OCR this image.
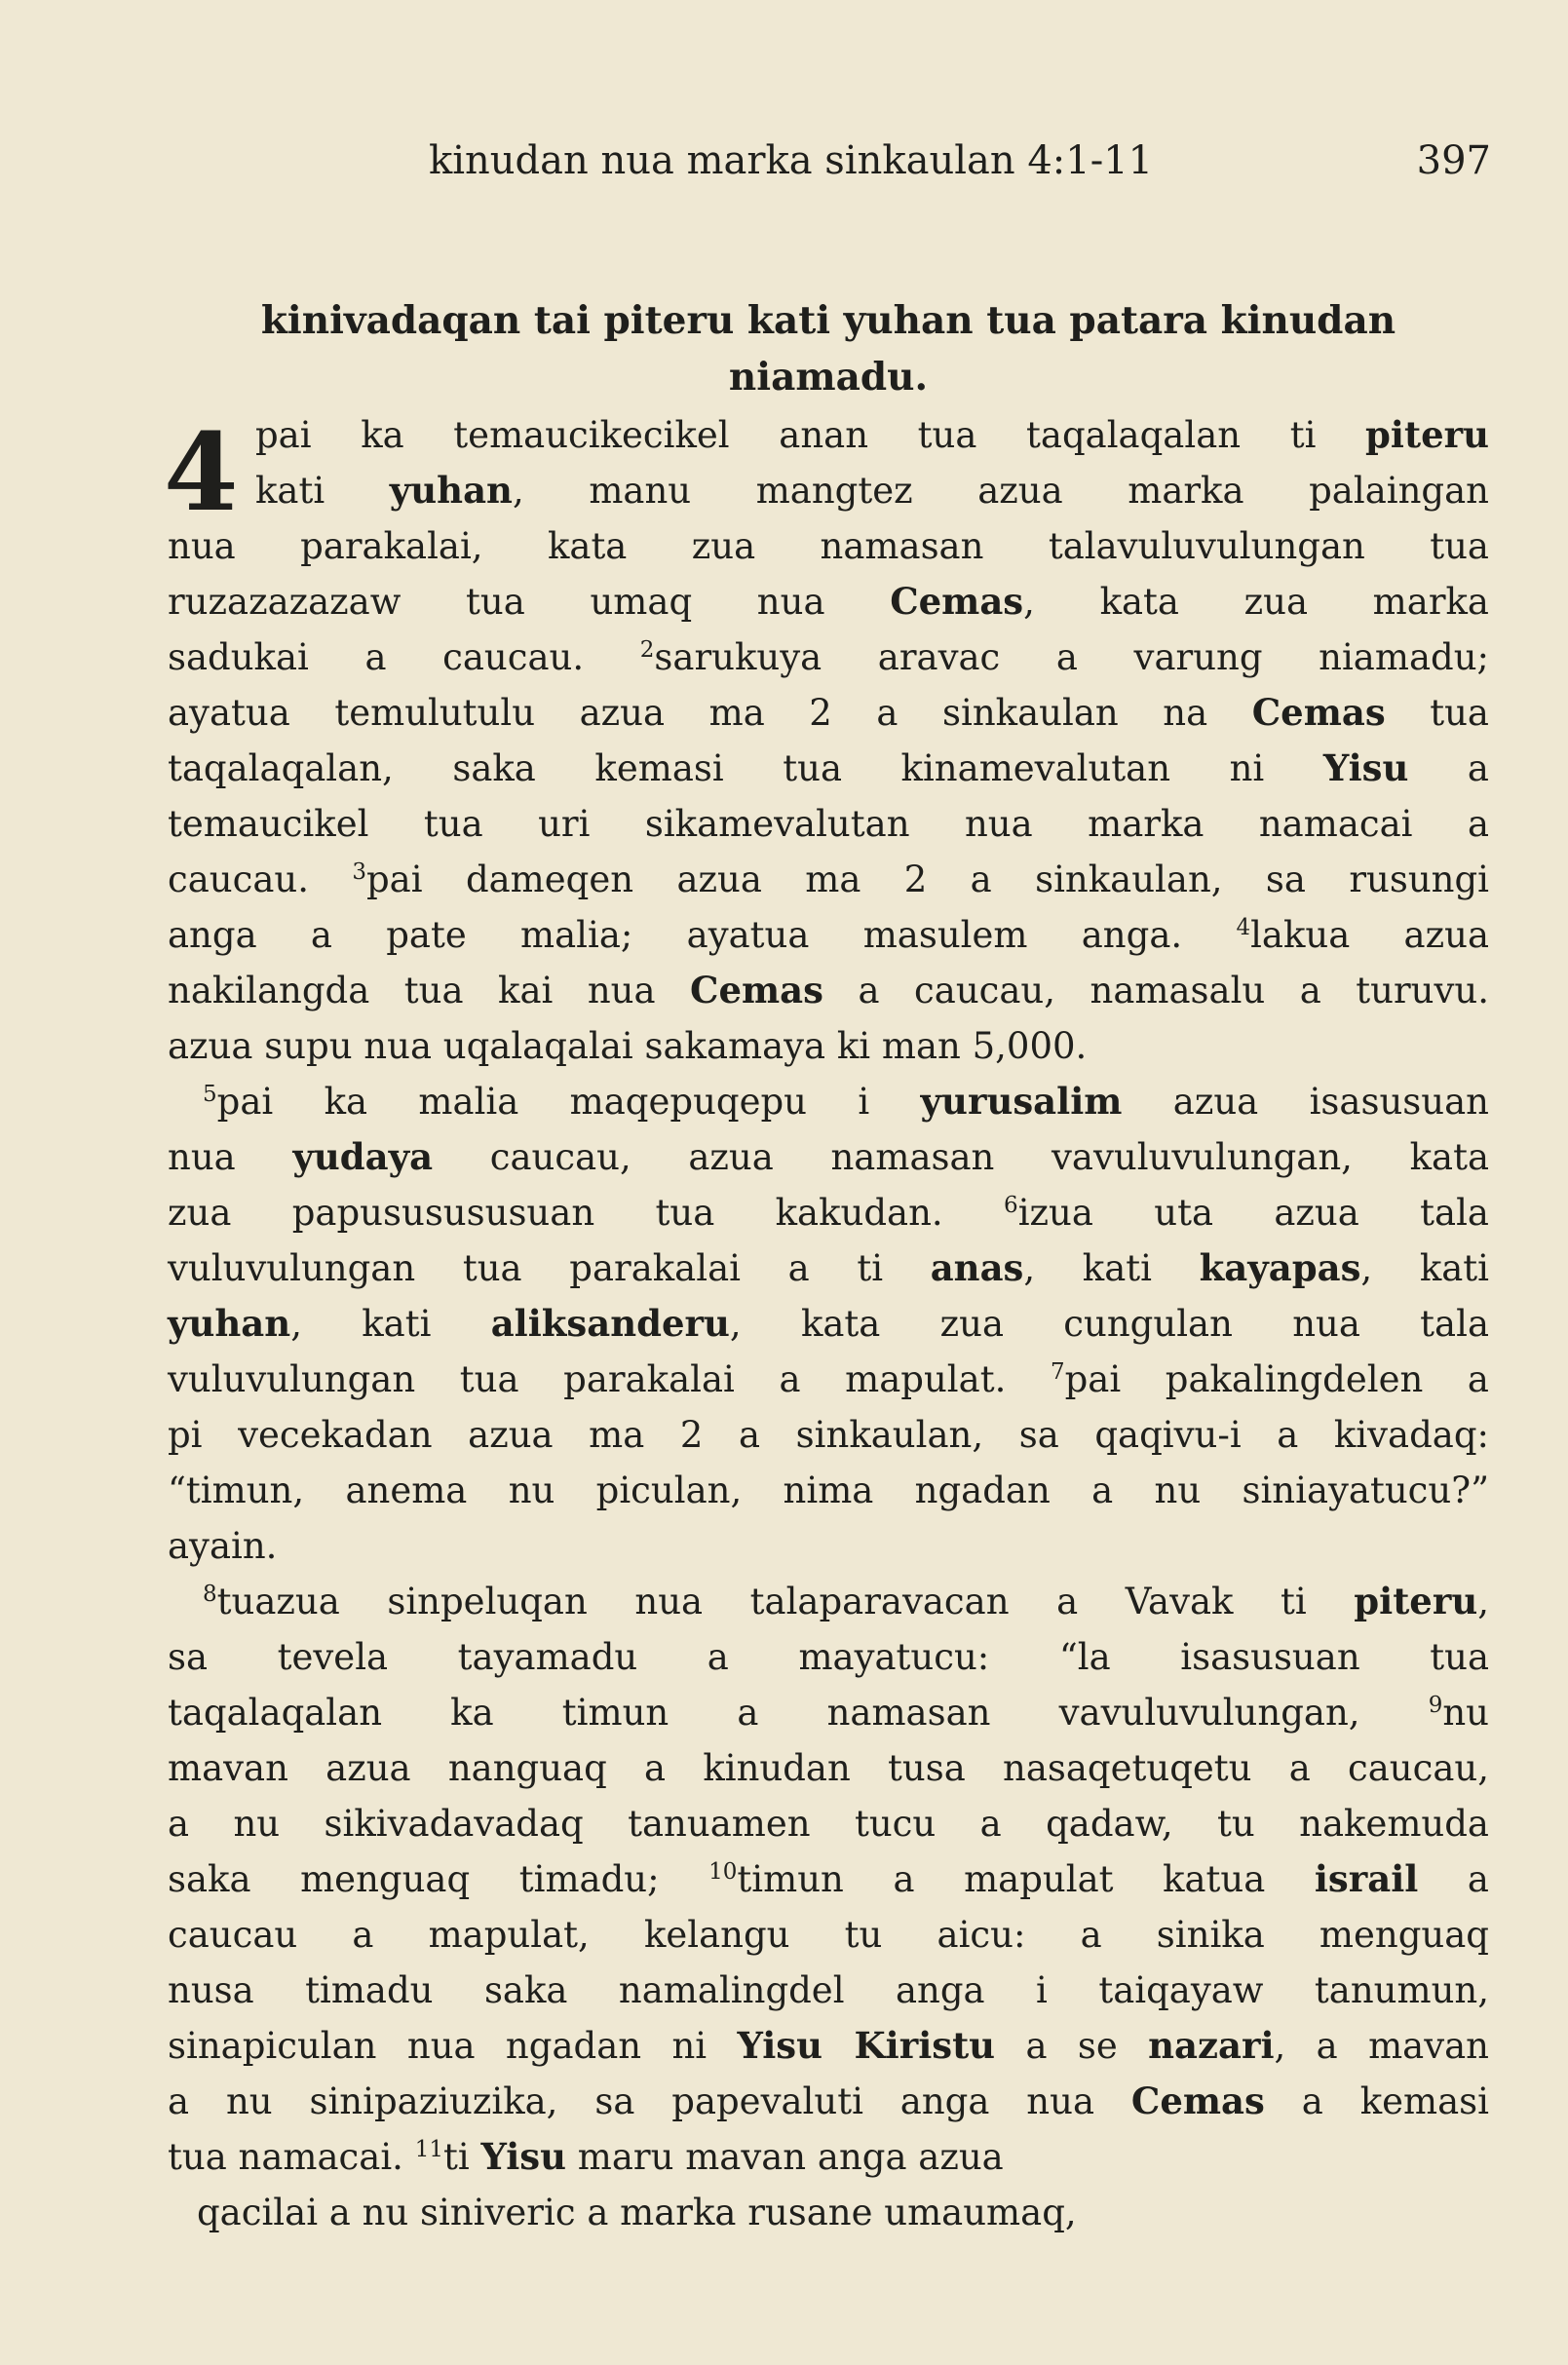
kinudan nua marka sinkaulan 4:1-11	397
kinivadaqan tai piteru kati yuhan tua patara kinudan
niamadu.
4 pai ka temaucikecikel anan tua taqalaqalan ti piteru
kati yuhan, manu mangtez azua marka palaingan
nua parakalai, kata zua namasan talavuluvulungan tua
ruzazazazaw tua umaq nua Cemas, kata zua marka
sadukai a caucau. $^2$sarukuya aravac a varung niamadu;
ayatua temulutulu azua ma 2 a sinkaulan na Cemas tua
taqalaqalan, saka kemasi tua kinamevalutan ni Yisu a
temaucikel tua uri sikamevalutan nua marka namacai a
caucau. $^3$pai dameqen azua ma 2 a sinkaulan, sa rusungi
anga a pate malia; ayatua masulem anga. $^4$lakua azua
nakilangda tua kai nua Cemas a caucau, namasalu a turuvu.
azua supu nua uqalaqalai sakamaya ki man 5,000.
$^5$pai ka malia maqepuqepu i yurusalim azua isasusuan
nua yudaya caucau, azua namasan vavuluvulungan, kata
zua papususususuan tua kakudan. $^6$izua uta azua tala
vuluvulungan tua parakalai a ti anas, kati kayapas, kati
yuhan, kati aliksanderu, kata zua cungulan nua tala
vuluvulungan tua parakalai a mapulat. $^7$pai pakalingdelen a
pi vecekadan azua ma 2 a sinkaulan, sa qaqivu-i a kivadaq:
“timun, anema nu piculan, nima ngadan a nu siniayatucu?”
ayain.
$^8$tuazua sinpeluqan nua talaparavacan a Vavak ti piteru,
sa tevela tayamadu a mayatucu: “la isasusuan tua
taqalaqalan ka timun a namasan vavuluvulungan, $^9$nu
mavan azua nanguaq a kinudan tusa nasaqetuqetu a caucau,
a nu sikivadavadaq tanuamen tucu a qadaw, tu nakemuda
saka menguaq timadu; $^{10}$timun a mapulat katua israil a
caucau a mapulat, kelangu tu aicu: a sinika menguaq
nusa timadu saka namalingdel anga i taiqayaw tanumun,
sinapiculan nua ngadan ni Yisu Kiristu a se nazari, a mavan
a nu sinipaziuzika, sa papevaluti anga nua Cemas a kemasi
tua namacai. $^{11}$ti Yisu maru mavan anga azua
qacilai a nu siniveric a marka rusane umaumaq,
